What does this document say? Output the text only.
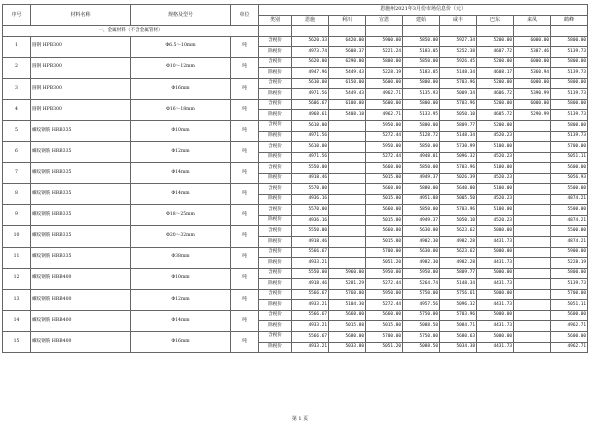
序号	材料名称	规格及型号	单位	恩施州2021年3月份市场信息价（元）								
				类别	恩施	利川	宣恩	建始	咸丰	巴东	来凤	鹤峰
一、金属材料（不含金属管材）												
1	圆钢 HPB300	Φ6.5～10mm	吨	含税价	5620.33	6420.00	5900.00	5850.00	5927.34	5200.00	6000.00	5800.00
				除税价	4973.74	5608.37	5221.24	5183.05	5252.38	4607.72	5387.46	5139.73
2	圆钢 HPB300	Φ10～12mm	吨	含税价	5620.00	6290.00	5800.00	5850.00	5926.45	5200.00	6000.00	5800.00
				除税价	4947.96	5449.43	5228.19	5183.05	5148.34	4608.17	5360.94	5139.73
3	圆钢 HPB300	Φ16mm	吨	含税价	5610.00	6150.00	5600.00	5800.00	5703.96	5200.00	6000.00	5800.00
				除税价	4971.56	5449.43	4962.71	5135.93	5009.34	4606.72	5390.99	5139.73
4	圆钢 HPB300	Φ16～18mm	吨	含税价	5606.67	6100.00	5600.00	5800.00	5703.96	5200.00	6000.00	5800.00
				除税价	4968.61	5408.18	4962.71	5133.95	5050.10	4605.72	5290.99	5139.73
5	螺纹钢筋 HRB335	Φ10mm	吨	含税价	5610.00		5950.00	5800.00	5809.77	5200.00		5800.00
				除税价	4971.56		5272.44	5128.72	5148.34	4520.23		5139.73
6	螺纹钢筋 HRB335	Φ12mm	吨	含税价	5610.00		5950.00	5850.00	5730.99	5100.00		5700.00
				除税价	4971.56		5272.44	4948.01	5096.32	4520.23		5051.11
7	螺纹钢筋 HRB335	Φ14mm	吨	含税价	5550.00		5660.00	5850.00	5703.96	5100.00		5600.00
				除税价	4918.46		5015.80	4949.37	5026.39	4520.23		5056.93
8	螺纹钢筋 HRB335	Φ14mm	吨	含税价	5570.00		5660.00	5880.00	5640.00	5100.00		5500.00
				除税价	4936.16		5015.80	4951.88	5005.50	4520.23		4874.21
9	螺纹钢筋 HRB335	Φ18～25mm	吨	含税价	5570.00		5660.00	5850.00	5703.96	5100.00		5500.00
				除税价	4936.16		5015.80	4949.37	5050.10	4520.23		4874.21
10	螺纹钢筋 HRB335	Φ20～32mm	吨	含税价	5550.00		5660.00	5630.00	5623.62	5000.00		5500.00
				除税价	4918.46		5015.80	4982.30	4982.28	4431.73		4874.21
11	螺纹钢筋 HRB335	Φ38mm	吨	含税价	5566.67		5700.00	5630.00	5623.62	5000.00		5900.00
				除税价	4933.21		5051.20	4982.30	4982.28	4431.73		5228.19
12	螺纹钢筋 HRB400	Φ10mm	吨	含税价	5550.00	5960.00	5950.00	5950.00	5809.77	5000.00		5800.00
				除税价	4918.46	5281.29	5272.44	5264.74	5148.34	4431.73		5139.73
13	螺纹钢筋 HRB400	Φ12mm	吨	含税价	5566.67	5760.00	5950.00	5750.00	5756.61	5000.00		5700.00
				除税价	4933.21	5104.30	5272.44	4957.56	5096.32	4431.73		5051.11
14	螺纹钢筋 HRB400	Φ14mm	吨	含税价	5566.67	5660.00	5660.00	5750.00	5703.96	5000.00		5600.00
				除税价	4933.21	5015.88	5015.80	5088.50	5084.71	4431.73		4962.71
15	螺纹钢筋 HRB400	Φ16mm	吨	含税价	5566.67	5680.00	5700.00	5750.00	5680.63	5000.00		5600.00
				除税价	4933.21	5033.80	5051.20	5088.50	5034.38	4431.73		4962.71
第 1 页
